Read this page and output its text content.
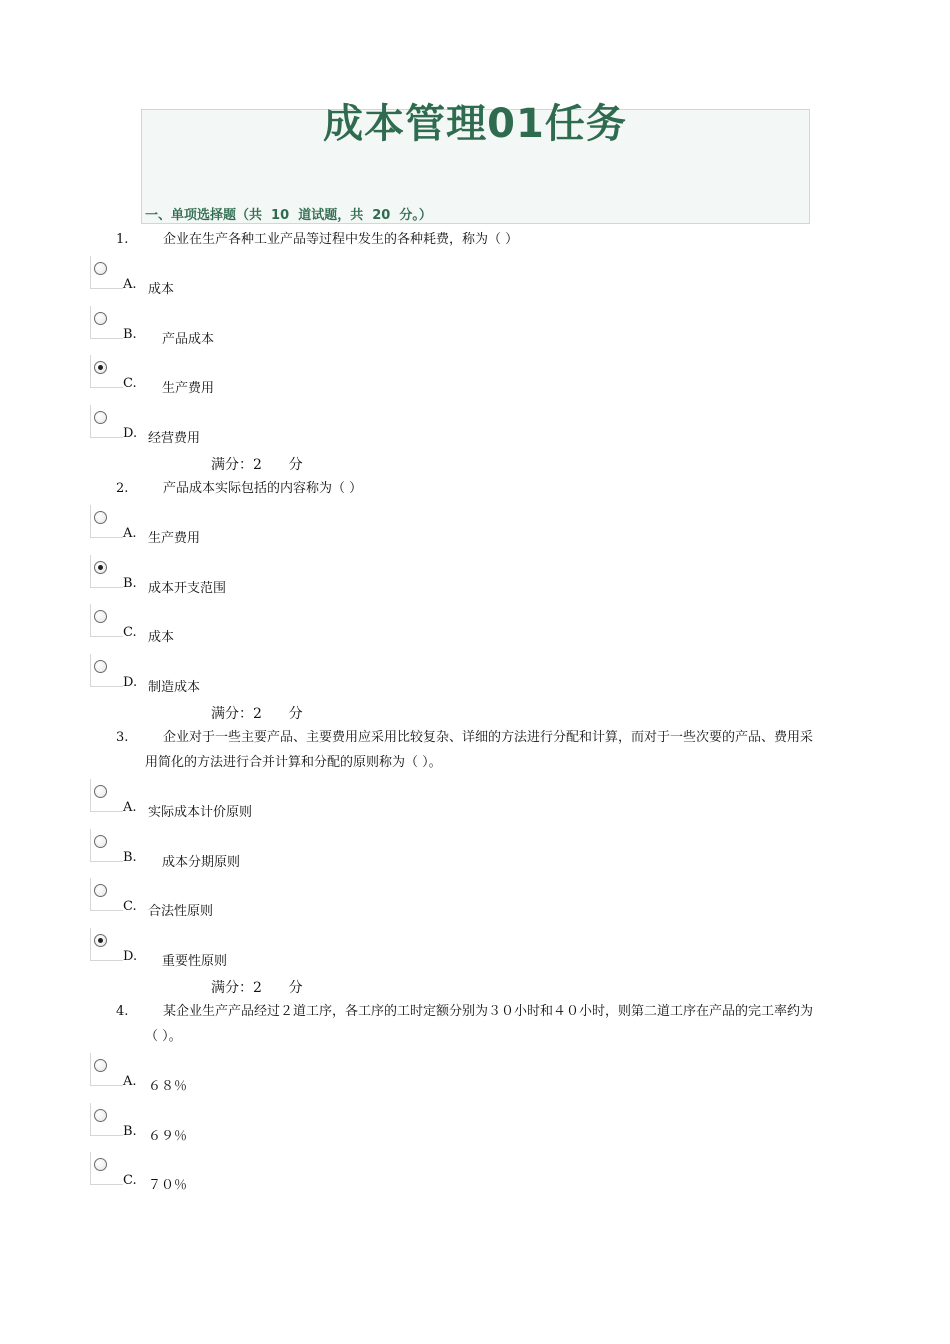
成本管理01任务
一、单项选择题（共  10  道试题，共  20  分。）
1.	企业在生产各种工业产品等过程中发生的各种耗费，称为（ ）
A. 成本
B. 产品成本
C. 生产费用
D. 经营费用
满分：2      分
2.	产品成本实际包括的内容称为（ ）
A. 生产费用
B. 成本开支范围
C. 成本
D. 制造成本
满分：2      分
3.	企业对于一些主要产品、主要费用应采用比较复杂、详细的方法进行分配和计算，而对于一些次要的产品、费用采用简化的方法进行合并计算和分配的原则称为（ ）。
A. 实际成本计价原则
B. 成本分期原则
C. 合法性原则
D. 重要性原则
满分：2      分
4.	某企业生产产品经过２道工序，各工序的工时定额分别为３０小时和４０小时，则第二道工序在产品的完工率约为（ ）。
A. ６８％
B. ６９％
C. ７０％
